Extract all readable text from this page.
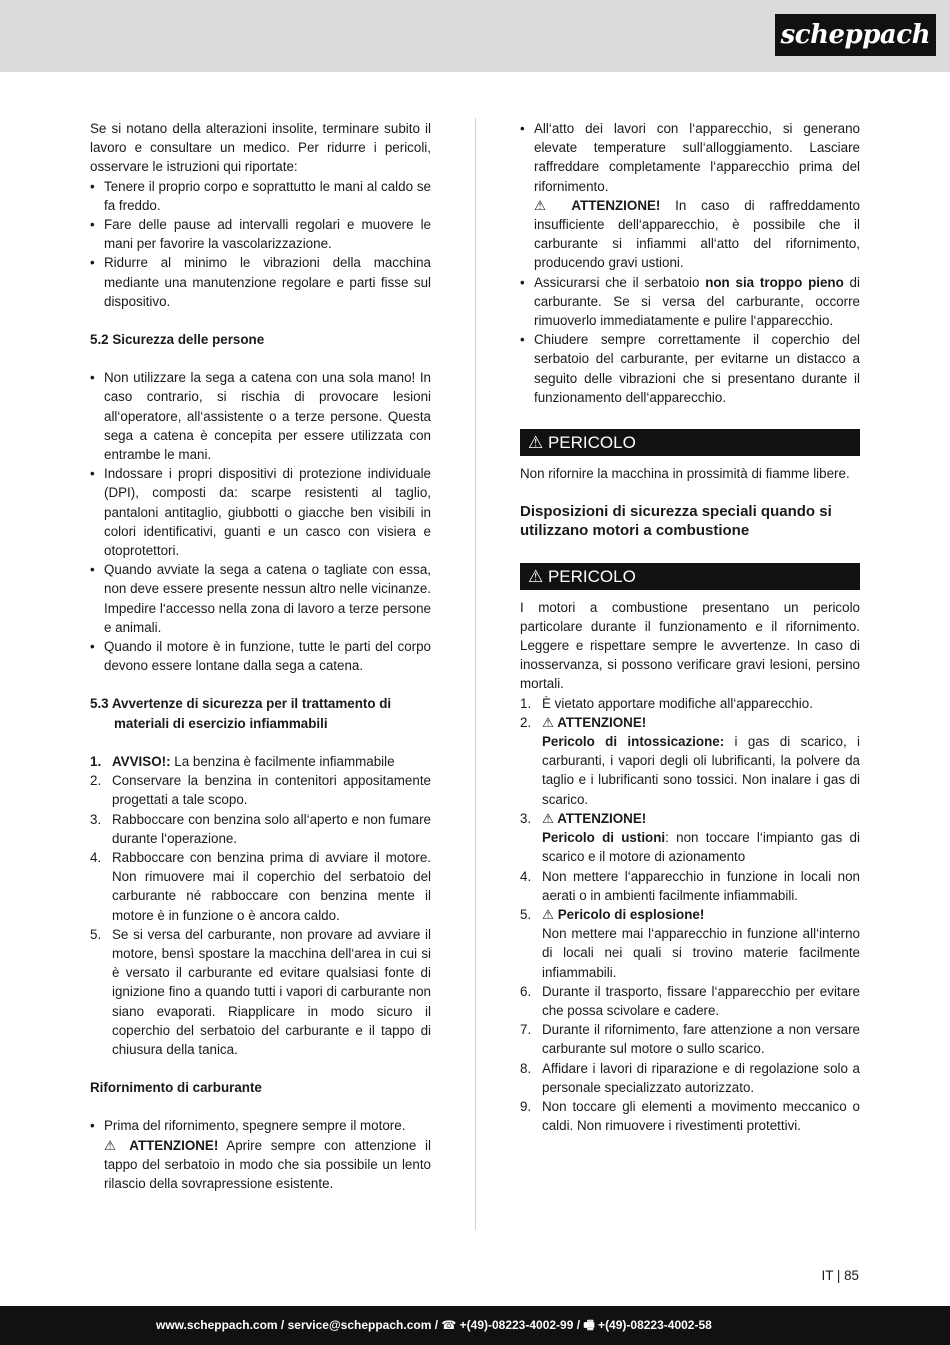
scheppach

Se si notano della alterazioni insolite, terminare subito il lavoro e consultare un medico. Per ridurre i pericoli, osservare le istruzioni qui riportate:

• Tenere il proprio corpo e soprattutto le mani al caldo se fa freddo.
• Fare delle pause ad intervalli regolari e muovere le mani per favorire la vascolarizzazione.
• Ridurre al minimo le vibrazioni della macchina mediante una manutenzione regolare e parti fisse sul dispositivo.
5.2 Sicurezza delle persone
• Non utilizzare la sega a catena con una sola mano! In caso contrario, si rischia di provocare lesioni all‘operatore, all‘assistente o a terze persone. Questa sega a catena è concepita per essere utilizzata con entrambe le mani.
• Indossare i propri dispositivi di protezione individuale (DPI), composti da: scarpe resistenti al taglio, pantaloni antitaglio, giubbotti o giacche ben visibili in colori identificativi, guanti e un casco con visiera e otoprotettori.
• Quando avviate la sega a catena o tagliate con essa, non deve essere presente nessun altro nelle vicinanze. Impedire l‘accesso nella zona di lavoro a terze persone e animali.
• Quando il motore è in funzione, tutte le parti del corpo devono essere lontane dalla sega a catena.
5.3 Avvertenze di sicurezza per il trattamento di materiali di esercizio infiammabili
1. AVVISO!: La benzina è facilmente infiammabile
2. Conservare la benzina in contenitori appositamente progettati a tale scopo.
3. Rabboccare con benzina solo all‘aperto e non fumare durante l‘operazione.
4. Rabboccare con benzina prima di avviare il motore. Non rimuovere mai il coperchio del serbatoio del carburante né rabboccare con benzina mente il motore è in funzione o è ancora caldo.
5. Se si versa del carburante, non provare ad avviare il motore, bensì spostare la macchina dell‘area in cui si è versato il carburante ed evitare qualsiasi fonte di ignizione fino a quando tutti i vapori di carburante non siano evaporati. Riapplicare in modo sicuro il coperchio del serbatoio del carburante e il tappo di chiusura della tanica.
Rifornimento di carburante
• Prima del rifornimento, spegnere sempre il motore.
⚠ ATTENZIONE! Aprire sempre con attenzione il tappo del serbatoio in modo che sia possibile un lento rilascio della sovrapressione esistente.
• All‘atto dei lavori con l‘apparecchio, si generano elevate temperature sull‘alloggiamento. Lasciare raffreddare completamente l‘apparecchio prima del rifornimento.
⚠ ATTENZIONE! In caso di raffreddamento insufficiente dell‘apparecchio, è possibile che il carburante si infiammi all‘atto del rifornimento, producendo gravi ustioni.
• Assicurarsi che il serbatoio non sia troppo pieno di carburante. Se si versa del carburante, occorre rimuoverlo immediatamente e pulire l‘apparecchio.
• Chiudere sempre correttamente il coperchio del serbatoio del carburante, per evitarne un distacco a seguito delle vibrazioni che si presentano durante il funzionamento dell‘apparecchio.
⚠ PERICOLO

Non rifornire la macchina in prossimità di fiamme libere.

Disposizioni di sicurezza speciali quando si utilizzano motori a combustione
⚠ PERICOLO

I motori a combustione presentano un pericolo particolare durante il funzionamento e il rifornimento. Leggere e rispettare sempre le avvertenze. In caso di inosservanza, si possono verificare gravi lesioni, persino mortali.

1. È vietato apportare modifiche all‘apparecchio.
2. ⚠ ATTENZIONE!
Pericolo di intossicazione: i gas di scarico, i carburanti, i vapori degli oli lubrificanti, la polvere da taglio e i lubrificanti sono tossici. Non inalare i gas di scarico.
3. ⚠ ATTENZIONE!
Pericolo di ustioni: non toccare l‘impianto gas di scarico e il motore di azionamento
4. Non mettere l‘apparecchio in funzione in locali non aerati o in ambienti facilmente infiammabili.
5. ⚠ Pericolo di esplosione!
Non mettere mai l‘apparecchio in funzione all‘interno di locali nei quali si trovino materie facilmente infiammabili.
6. Durante il trasporto, fissare l‘apparecchio per evitare che possa scivolare e cadere.
7. Durante il rifornimento, fare attenzione a non versare carburante sul motore o sullo scarico.
8. Affidare i lavori di riparazione e di regolazione solo a personale specializzato autorizzato.
9. Non toccare gli elementi a movimento meccanico o caldi. Non rimuovere i rivestimenti protettivi.
IT | 85
www.scheppach.com / service@scheppach.com / ☎ +(49)-08223-4002-99 / 🖷 +(49)-08223-4002-58
